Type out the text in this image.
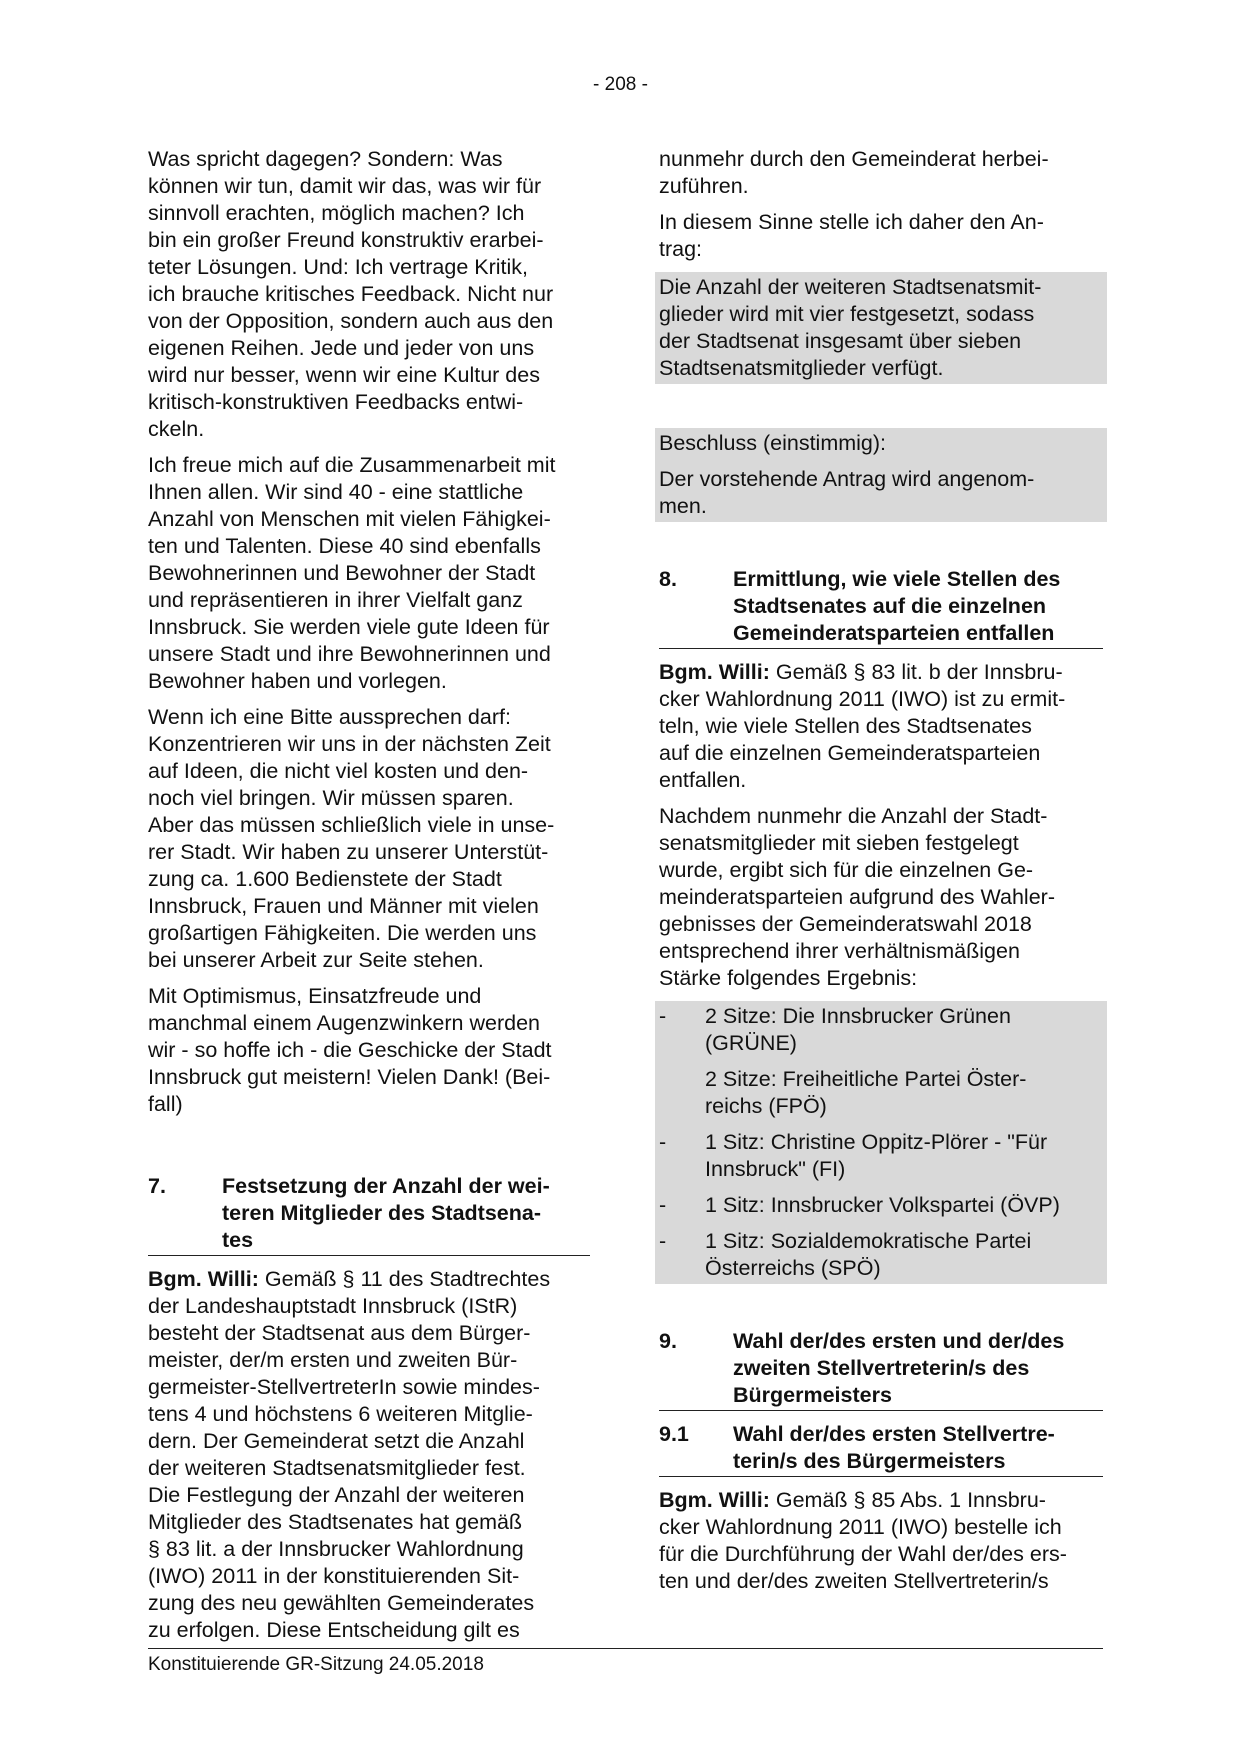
- 208 -

Was spricht dagegen? Sondern: Was
können wir tun, damit wir das, was wir für
sinnvoll erachten, möglich machen? Ich
bin ein großer Freund konstruktiv erarbei-
teter Lösungen. Und: Ich vertrage Kritik,
ich brauche kritisches Feedback. Nicht nur
von der Opposition, sondern auch aus den
eigenen Reihen. Jede und jeder von uns
wird nur besser, wenn wir eine Kultur des
kritisch-konstruktiven Feedbacks entwi-
ckeln.

Ich freue mich auf die Zusammenarbeit mit
Ihnen allen. Wir sind 40 - eine stattliche
Anzahl von Menschen mit vielen Fähigkei-
ten und Talenten. Diese 40 sind ebenfalls
Bewohnerinnen und Bewohner der Stadt
und repräsentieren in ihrer Vielfalt ganz
Innsbruck. Sie werden viele gute Ideen für
unsere Stadt und ihre Bewohnerinnen und
Bewohner haben und vorlegen.

Wenn ich eine Bitte aussprechen darf:
Konzentrieren wir uns in der nächsten Zeit
auf Ideen, die nicht viel kosten und den-
noch viel bringen. Wir müssen sparen.
Aber das müssen schließlich viele in unse-
rer Stadt. Wir haben zu unserer Unterstüt-
zung ca. 1.600 Bedienstete der Stadt
Innsbruck, Frauen und Männer mit vielen
großartigen Fähigkeiten. Die werden uns
bei unserer Arbeit zur Seite stehen.

Mit Optimismus, Einsatzfreude und
manchmal einem Augenzwinkern werden
wir - so hoffe ich - die Geschicke der Stadt
Innsbruck gut meistern! Vielen Dank! (Bei-
fall)

7.	Festsetzung der Anzahl der wei-
teren Mitglieder des Stadtsena-
tes

Bgm. Willi: Gemäß § 11 des Stadtrechtes
der Landeshauptstadt Innsbruck (IStR)
besteht der Stadtsenat aus dem Bürger-
meister, der/m ersten und zweiten Bür-
germeister-StellvertreterIn sowie mindes-
tens 4 und höchstens 6 weiteren Mitglie-
dern. Der Gemeinderat setzt die Anzahl
der weiteren Stadtsenatsmitglieder fest.
Die Festlegung der Anzahl der weiteren
Mitglieder des Stadtsenates hat gemäß
§ 83 lit. a der Innsbrucker Wahlordnung
(IWO) 2011 in der konstituierenden Sit-
zung des neu gewählten Gemeinderates
zu erfolgen. Diese Entscheidung gilt es

nunmehr durch den Gemeinderat herbei-
zuführen.

In diesem Sinne stelle ich daher den An-
trag:

Die Anzahl der weiteren Stadtsenatsmit-
glieder wird mit vier festgesetzt, sodass
der Stadtsenat insgesamt über sieben
Stadtsenatsmitglieder verfügt.

Beschluss (einstimmig):

Der vorstehende Antrag wird angenom-
men.

8.	Ermittlung, wie viele Stellen des
Stadtsenates auf die einzelnen
Gemeinderatsparteien entfallen

Bgm. Willi: Gemäß § 83 lit. b der Innsbru-
cker Wahlordnung 2011 (IWO) ist zu ermit-
teln, wie viele Stellen des Stadtsenates
auf die einzelnen Gemeinderatsparteien
entfallen.

Nachdem nunmehr die Anzahl der Stadt-
senatsmitglieder mit sieben festgelegt
wurde, ergibt sich für die einzelnen Ge-
meinderatsparteien aufgrund des Wahler-
gebnisses der Gemeinderatswahl 2018
entsprechend ihrer verhältnismäßigen
Stärke folgendes Ergebnis:

-	2 Sitze: Die Innsbrucker Grünen
(GRÜNE)
2 Sitze: Freiheitliche Partei Öster-
reichs (FPÖ)
-	1 Sitz: Christine Oppitz-Plörer - "Für
Innsbruck" (FI)
-	1 Sitz: Innsbrucker Volkspartei (ÖVP)
-	1 Sitz: Sozialdemokratische Partei
Österreichs (SPÖ)
9.	Wahl der/des ersten und der/des
zweiten Stellvertreterin/s des
Bürgermeisters
9.1	Wahl der/des ersten Stellvertre-
terin/s des Bürgermeisters

Bgm. Willi: Gemäß § 85 Abs. 1 Innsbru-
cker Wahlordnung 2011 (IWO) bestelle ich
für die Durchführung der Wahl der/des ers-
ten und der/des zweiten Stellvertreterin/s

Konstituierende GR-Sitzung 24.05.2018
